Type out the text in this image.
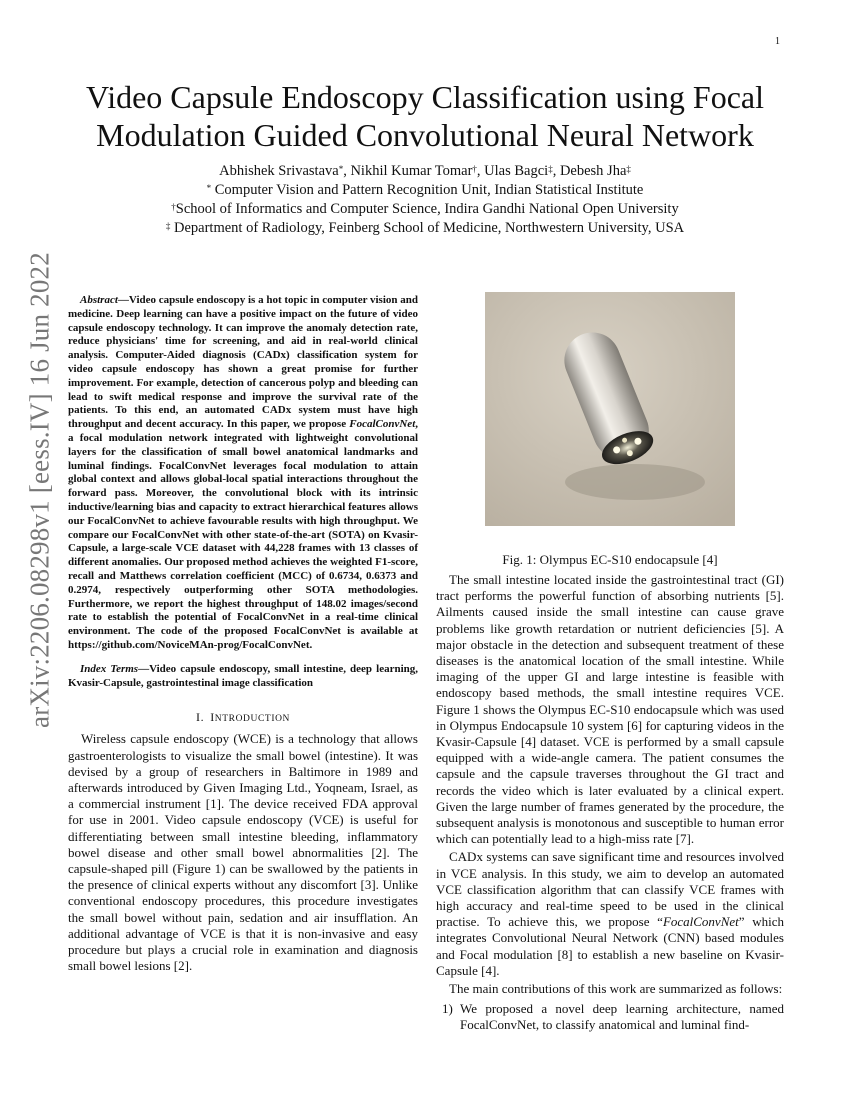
1
arXiv:2206.08298v1 [eess.IV] 16 Jun 2022
Video Capsule Endoscopy Classification using Focal
Modulation Guided Convolutional Neural Network
Abhishek Srivastava*, Nikhil Kumar Tomar†, Ulas Bagci‡, Debesh Jha‡
* Computer Vision and Pattern Recognition Unit, Indian Statistical Institute
†School of Informatics and Computer Science, Indira Gandhi National Open University
‡ Department of Radiology, Feinberg School of Medicine, Northwestern University, USA

Abstract—Video capsule endoscopy is a hot topic in computer vision and medicine. Deep learning can have a positive impact on the future of video capsule endoscopy technology. It can improve the anomaly detection rate, reduce physicians' time for screening, and aid in real-world clinical analysis. Computer-Aided diagnosis (CADx) classification system for video capsule endoscopy has shown a great promise for further improvement. For example, detection of cancerous polyp and bleeding can lead to swift medical response and improve the survival rate of the patients. To this end, an automated CADx system must have high throughput and decent accuracy. In this paper, we propose FocalConvNet, a focal modulation network integrated with lightweight convolutional layers for the classification of small bowel anatomical landmarks and luminal findings. FocalConvNet leverages focal modulation to attain global context and allows global-local spatial interactions throughout the forward pass. Moreover, the convolutional block with its intrinsic inductive/learning bias and capacity to extract hierarchical features allows our FocalConvNet to achieve favourable results with high throughput. We compare our FocalConvNet with other state-of-the-art (SOTA) on Kvasir-Capsule, a large-scale VCE dataset with 44,228 frames with 13 classes of different anomalies. Our proposed method achieves the weighted F1-score, recall and Matthews correlation coefficient (MCC) of 0.6734, 0.6373 and 0.2974, respectively outperforming other SOTA methodologies. Furthermore, we report the highest throughput of 148.02 images/second rate to establish the potential of FocalConvNet in a real-time clinical environment. The code of the proposed FocalConvNet is available at https://github.com/NoviceMAn-prog/FocalConvNet.

Index Terms—Video capsule endoscopy, small intestine, deep learning, Kvasir-Capsule, gastrointestinal image classification

I. INTRODUCTION

Wireless capsule endoscopy (WCE) is a technology that allows gastroenterologists to visualize the small bowel (intestine). It was devised by a group of researchers in Baltimore in 1989 and afterwards introduced by Given Imaging Ltd., Yoqneam, Israel, as a commercial instrument [1]. The device received FDA approval for use in 2001. Video capsule endoscopy (VCE) is useful for differentiating between small intestine bleeding, inflammatory bowel disease and other small bowel abnormalities [2]. The capsule-shaped pill (Figure 1) can be swallowed by the patients in the presence of clinical experts without any discomfort [3]. Unlike conventional endoscopy procedures, this procedure investigates the small bowel without pain, sedation and air insufflation. An additional advantage of VCE is that it is non-invasive and easy procedure but plays a crucial role in examination and diagnosis small bowel lesions [2].

Fig. 1: Olympus EC-S10 endocapsule [4]

The small intestine located inside the gastrointestinal tract (GI) tract performs the powerful function of absorbing nutrients [5]. Ailments caused inside the small intestine can cause grave problems like growth retardation or nutrient deficiencies [5]. A major obstacle in the detection and subsequent treatment of these diseases is the anatomical location of the small intestine. While imaging of the upper GI and large intestine is feasible with endoscopy based methods, the small intestine requires VCE. Figure 1 shows the Olympus EC-S10 endocapsule which was used in Olympus Endocapsule 10 system [6] for capturing videos in the Kvasir-Capsule [4] dataset. VCE is performed by a small capsule equipped with a wide-angle camera. The patient consumes the capsule and the capsule traverses throughout the GI tract and records the video which is later evaluated by a clinical expert. Given the large number of frames generated by the procedure, the subsequent analysis is monotonous and susceptible to human error which can potentially lead to a high-miss rate [7].

CADx systems can save significant time and resources involved in VCE analysis. In this study, we aim to develop an automated VCE classification algorithm that can classify VCE frames with high accuracy and real-time speed to be used in the clinical practise. To achieve this, we propose “FocalConvNet” which integrates Convolutional Neural Network (CNN) based modules and Focal modulation [8] to establish a new baseline on Kvasir-Capsule [4].

The main contributions of this work are summarized as follows:

1) We proposed a novel deep learning architecture, named FocalConvNet, to classify anatomical and luminal find-
